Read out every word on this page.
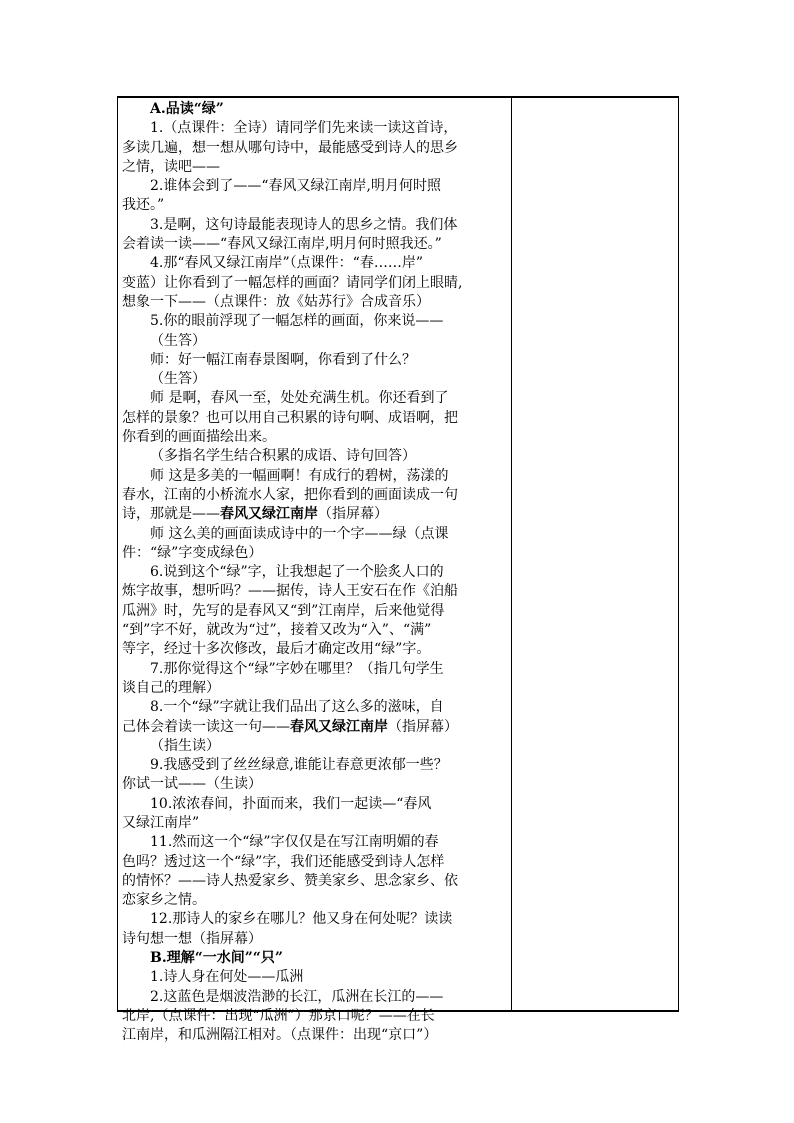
A.品读“绿”

1.（点课件：全诗）请同学们先来读一读这首诗，

多读几遍，想一想从哪句诗中，最能感受到诗人的思乡

之情，读吧——

2.谁体会到了——“春风又绿江南岸,明月何时照

我还。”

3.是啊，这句诗最能表现诗人的思乡之情。我们体

会着读一读——“春风又绿江南岸,明月何时照我还。”

4.那“春风又绿江南岸”（点课件：“春……岸”

变蓝）让你看到了一幅怎样的画面？请同学们闭上眼睛,

想象一下——（点课件：放《姑苏行》合成音乐）

5.你的眼前浮现了一幅怎样的画面，你来说——

（生答）

师：好一幅江南春景图啊，你看到了什么？

（生答）

师 是啊，春风一至，处处充满生机。你还看到了

怎样的景象？也可以用自己积累的诗句啊、成语啊，把

你看到的画面描绘出来。

（多指名学生结合积累的成语、诗句回答）

师 这是多美的一幅画啊！有成行的碧树，荡漾的

春水，江南的小桥流水人家，把你看到的画面读成一句

诗，那就是——春风又绿江南岸（指屏幕）

师 这么美的画面读成诗中的一个字——绿（点课

件：“绿”字变成绿色）

6.说到这个“绿”字，让我想起了一个脍炙人口的

炼字故事，想听吗？——据传，诗人王安石在作《泊船

瓜洲》时，先写的是春风又“到”江南岸，后来他觉得

“到”字不好，就改为“过”，接着又改为“入”、“满”

等字，经过十多次修改，最后才确定改用“绿”字。

7.那你觉得这个“绿”字妙在哪里？（指几句学生

谈自己的理解）

8.一个“绿”字就让我们品出了这么多的滋味，自

己体会着读一读这一句——春风又绿江南岸（指屏幕）

（指生读）

9.我感受到了丝丝绿意,谁能让春意更浓郁一些？

你试一试——（生读）

10.浓浓春间，扑面而来，我们一起读—“春风

又绿江南岸”

11.然而这一个“绿”字仅仅是在写江南明媚的春

色吗？透过这一个“绿”字，我们还能感受到诗人怎样

的情怀？——诗人热爱家乡、赞美家乡、思念家乡、依

恋家乡之情。

12.那诗人的家乡在哪儿？他又身在何处呢？读读

诗句想一想（指屏幕）

B.理解“一水间”“只”

1.诗人身在何处——瓜洲

2.这蓝色是烟波浩渺的长江，瓜洲在长江的——

北岸,（点课件：出现“瓜洲”）那京口呢？——在长

江南岸，和瓜洲隔江相对。（点课件：出现“京口”）
